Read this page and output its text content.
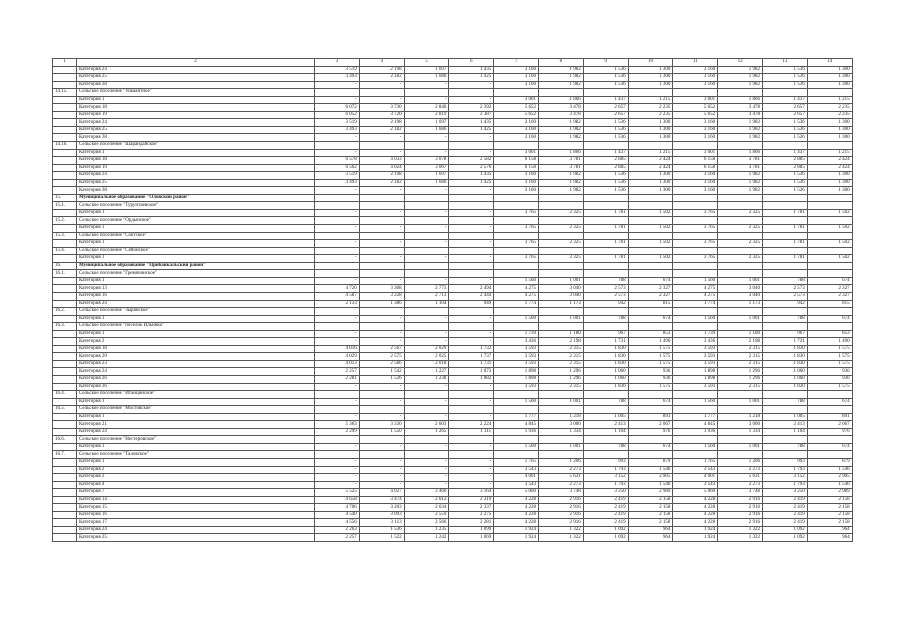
1	2	3	4	5	6	7	8	9	10	11	12	13	14
	Категория 24	3 519	2 198	1 697	1 435	3 160	1 982	1 536	1 300	3 160	1 982	1 536	1 300
	Категория 25	3 493	2 182	1 686	1 425	3 160	1 982	1 536	1 300	3 160	1 982	1 536	1 300
	Категория 38	-	-	-	-	3 160	1 982	1 536	1 300	3 160	1 982	1 536	1 300
14.15.	Сельское поселение "Ушмантное"												
	Категория 1	-	-	-	-	3 001	1 866	1 437	1 215	3 001	1 866	1 437	1 215
	Категория 18	6 072	3 730	2 846	2 392	5 652	3 478	2 657	2 235	5 652	3 478	2 657	2 235
	Категория 19	6 052	3 720	2 819	2 387	5 652	3 478	2 657	2 235	5 652	3 478	2 657	2 235
	Категория 24	3 519	2 198	1 697	1 435	3 160	1 982	1 536	1 300	3 160	1 982	1 536	1 300
	Категория 25	3 493	2 182	1 686	1 425	3 160	1 982	1 536	1 300	3 160	1 982	1 536	1 300
	Категория 38	-	-	-	-	3 160	1 982	1 536	1 300	3 160	1 982	1 536	1 300
14.16.	Сельское поселение "Шарандайское"												
	Категория 1	-	-	-	-	3 001	1 866	1 437	1 215	3 001	1 866	1 437	1 215
	Категория 18	6 578	4 033	3 078	2 582	6 158	3 781	2 885	2 424	6 158	3 781	2 885	2 424
	Категория 19	6 562	4 024	3 067	2 576	6 158	3 781	2 885	2 424	6 158	3 781	2 885	2 424
	Категория 24	3 519	2 198	1 697	1 435	3 160	1 982	1 536	1 300	3 160	1 982	1 536	1 300
	Категория 25	3 493	2 182	1 686	1 425	3 160	1 982	1 536	1 300	3 160	1 982	1 536	1 300
	Категория 38	-	-	-	-	3 160	1 982	1 536	1 300	3 160	1 982	1 536	1 300
15.	Муниципальное образование "Оловский район"												
15.1.	Сельское поселение "Турунтаевское"												
	Категория 1	-	-	-	-	3 765	2 325	1 781	1 502	3 765	2 325	1 781	1 502
15.2.	Сельское поселение "Ордынское"												
	Категория 1	-	-	-	-	3 765	2 325	1 781	1 502	3 765	2 325	1 781	1 502
15.3.	Сельское поселение "Соктское"												
	Категория 1	-	-	-	-	3 765	2 325	1 781	1 502	3 765	2 325	1 781	1 502
15.4.	Сельское поселение "Сейонское"												
	Категория 1	-	-	-	-	3 765	2 325	1 781	1 502	3 765	2 325	1 781	1 502
16.	Муниципальное образование "Прибайкальский район"												
16.1.	Сельское поселение "Гремячинское"												
	Категория 1	-	-	-	-	1 560	1 001	788	674	1 560	1 001	788	674
	Категория 13	4 720	3 308	2 773	2 494	4 275	3 040	2 573	2 327	4 275	3 040	2 573	2 327
	Категория 16	4 587	3 228	2 713	2 444	4 275	3 040	2 573	2 327	4 275	3 040	2 573	2 327
	Категория 24	2 133	1 386	1 104	949	1 774	1 173	942	815	1 774	1 173	942	815
16.2.	Сельское поселение "Зырянское"												
	Категория 1	-	-	-	-	1 560	1 001	788	674	1 560	1 001	788	674
16.3.	Сельское поселение "поселок Ильинка"												
	Категория 1	-	-	-	-	1 739	1 180	967	853	1 739	1 180	967	853
	Категория 2	-	-	-	-	3 436	2 198	1 731	1 490	3 436	2 198	1 731	1 490
	Категория 18	4 016	2 567	2 029	1 732	3 593	2 315	1 830	1 575	3 593	2 315	1 830	1 575
	Категория 20	4 029	2 575	2 025	1 737	3 593	2 315	1 830	1 575	3 593	2 315	1 830	1 575
	Категория 23	4 013	2 566	2 018	1 731	3 593	2 315	1 830	1 575	3 593	2 315	1 830	1 575
	Категория 24	2 257	1 542	1 227	1 073	1 898	1 296	1 060	936	1 898	1 296	1 060	936
	Категория 26	2 281	1 526	1 238	1 082	1 898	1 296	1 060	936	1 898	1 296	1 060	936
	Категория 36	-	-	-	-	3 593	2 315	1 830	1 575	3 593	2 315	1 830	1 575
16.4.	Сельское поселение "Итанцинское"												
	Категория 1	-	-	-	-	1 560	1 001	788	674	1 560	1 001	788	674
16.5.	Сельское поселение "Мостовское"												
	Категория 1	-	-	-	-	1 777	1 218	1 005	891	1 777	1 218	1 005	891
	Категория 21	5 363	3 330	2 603	2 224	4 845	3 000	2 413	2 067	4 845	3 000	2 413	2 067
	Категория 24	2 299	1 550	1 265	1 111	1 936	1 334	1 104	976	1 936	1 334	1 104	976
16.6.	Сельское поселение "Нестеровское"												
	Категория 1	-	-	-	-	1 560	1 001	788	674	1 560	1 001	788	674
16.7.	Сельское поселение "Таловское"												
	Категория 1	-	-	-	-	1 765	1 206	993	879	1 765	1 206	993	879
	Категория 2	-	-	-	-	3 543	2 273	1 793	1 546	3 543	2 273	1 793	1 546
	Категория 3	-	-	-	-	4 001	5 631	3 152	2 905	4 001	5 631	3 152	2 905
	Категория 4	-	-	-	-	3 543	2 273	1 793	1 546	3 543	2 273	1 793	1 546
	Категория 7	5 525	4 027	3 460	3 164	5 060	3 748	3 250	2 989	5 060	3 748	3 250	2 989
	Категория 14	4 658	3 474	2 612	2 319	4 228	2 916	2 419	2 158	4 228	2 916	2 419	2 158
	Категория 15	4 706	3 203	2 634	2 337	4 228	2 916	2 419	2 158	4 228	2 916	2 419	2 158
	Категория 16	4 540	3 093	2 559	2 275	4 228	2 916	2 419	2 158	4 228	2 916	2 419	2 158
	Категория 17	4 556	3 113	2 566	2 281	4 228	2 916	2 419	2 158	4 228	2 916	2 419	2 158
	Категория 24	2 263	1 536	1 235	1 099	1 924	1 322	1 092	964	1 924	1 322	1 092	964
	Категория 25	2 257	1 522	1 242	1 069	1 924	1 322	1 092	964	1 924	1 322	1 092	964
